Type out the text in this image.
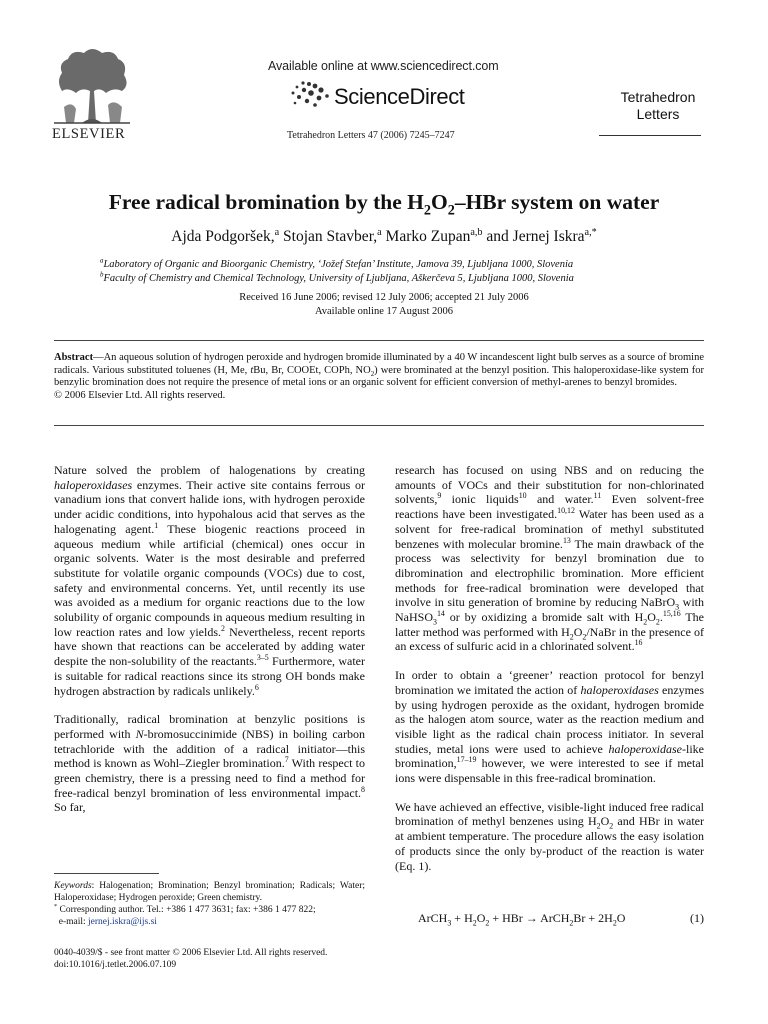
Available online at www.sciencedirect.com
ScienceDirect
Tetrahedron Letters 47 (2006) 7245–7247
ELSEVIER
Tetrahedron
Letters
Free radical bromination by the $H_2O_2$–HBr system on water
Ajda Podgoršek,$^a$ Stojan Stavber,$^a$ Marko Zupan$^{a,b}$ and Jernej Iskra$^{a,*}$
$^a$Laboratory of Organic and Bioorganic Chemistry, ‘Jožef Stefan’ Institute, Jamova 39, Ljubljana 1000, Slovenia
$^b$Faculty of Chemistry and Chemical Technology, University of Ljubljana, Aškerčeva 5, Ljubljana 1000, Slovenia
Received 16 June 2006; revised 12 July 2006; accepted 21 July 2006
Available online 17 August 2006
Abstract—An aqueous solution of hydrogen peroxide and hydrogen bromide illuminated by a 40 W incandescent light bulb serves as a source of bromine radicals. Various substituted toluenes (H, Me, tBu, Br, COOEt, COPh, $NO_2$) were brominated at the benzyl position. This haloperoxidase-like system for benzylic bromination does not require the presence of metal ions or an organic solvent for efficient conversion of methyl-arenes to benzyl bromides.
© 2006 Elsevier Ltd. All rights reserved.

Nature solved the problem of halogenations by creating haloperoxidases enzymes. Their active site contains ferrous or vanadium ions that convert halide ions, with hydrogen peroxide under acidic conditions, into hypohalous acid that serves as the halogenating agent.$^1$ These biogenic reactions proceed in aqueous medium while artificial (chemical) ones occur in organic solvents. Water is the most desirable and preferred substitute for volatile organic compounds (VOCs) due to cost, safety and environmental concerns. Yet, until recently its use was avoided as a medium for organic reactions due to the low solubility of organic compounds in aqueous medium resulting in low reaction rates and low yields.$^2$ Nevertheless, recent reports have shown that reactions can be accelerated by adding water despite the non-solubility of the reactants.$^{3-5}$ Furthermore, water is suitable for radical reactions since its strong OH bonds make hydrogen abstraction by radicals unlikely.$^6$

Traditionally, radical bromination at benzylic positions is performed with N-bromosuccinimide (NBS) in boiling carbon tetrachloride with the addition of a radical initiator—this method is known as Wohl–Ziegler bromination.$^7$ With respect to green chemistry, there is a pressing need to find a method for free-radical benzyl bromination of less environmental impact.$^8$ So far,

Keywords: Halogenation; Bromination; Benzyl bromination; Radicals; Water; Haloperoxidase; Hydrogen peroxide; Green chemistry.
* Corresponding author. Tel.: +386 1 477 3631; fax: +386 1 477 822;
e-mail: jernej.iskra@ijs.si
0040-4039/$ - see front matter © 2006 Elsevier Ltd. All rights reserved.
doi:10.1016/j.tetlet.2006.07.109

research has focused on using NBS and on reducing the amounts of VOCs and their substitution for non-chlorinated solvents,$^9$ ionic liquids$^{10}$ and water.$^{11}$ Even solvent-free reactions have been investigated.$^{10,12}$ Water has been used as a solvent for free-radical bromination of methyl substituted benzenes with molecular bromine.$^{13}$ The main drawback of the process was selectivity for benzyl bromination due to dibromination and electrophilic bromination. More efficient methods for free-radical bromination were developed that involve in situ generation of bromine by reducing NaBrO$_3$ with NaHSO$_3^{14}$ or by oxidizing a bromide salt with $H_2O_2.^{15,16}$ The latter method was performed with $H_2O_2$/NaBr in the presence of an excess of sulfuric acid in a chlorinated solvent.$^{16}$

In order to obtain a ‘greener’ reaction protocol for benzyl bromination we imitated the action of haloperoxidases enzymes by using hydrogen peroxide as the oxidant, hydrogen bromide as the halogen atom source, water as the reaction medium and visible light as the radical chain process initiator. In several studies, metal ions were used to achieve haloperoxidase-like bromination,$^{17-19}$ however, we were interested to see if metal ions were dispensable in this free-radical bromination.

We have achieved an effective, visible-light induced free radical bromination of methyl benzenes using $H_2O_2$ and HBr in water at ambient temperature. The procedure allows the easy isolation of products since the only by-product of the reaction is water (Eq. 1).

ArCH$_3$ + $H_2O_2$ + HBr → ArCH$_2$Br + $2H_2O$	(1)
